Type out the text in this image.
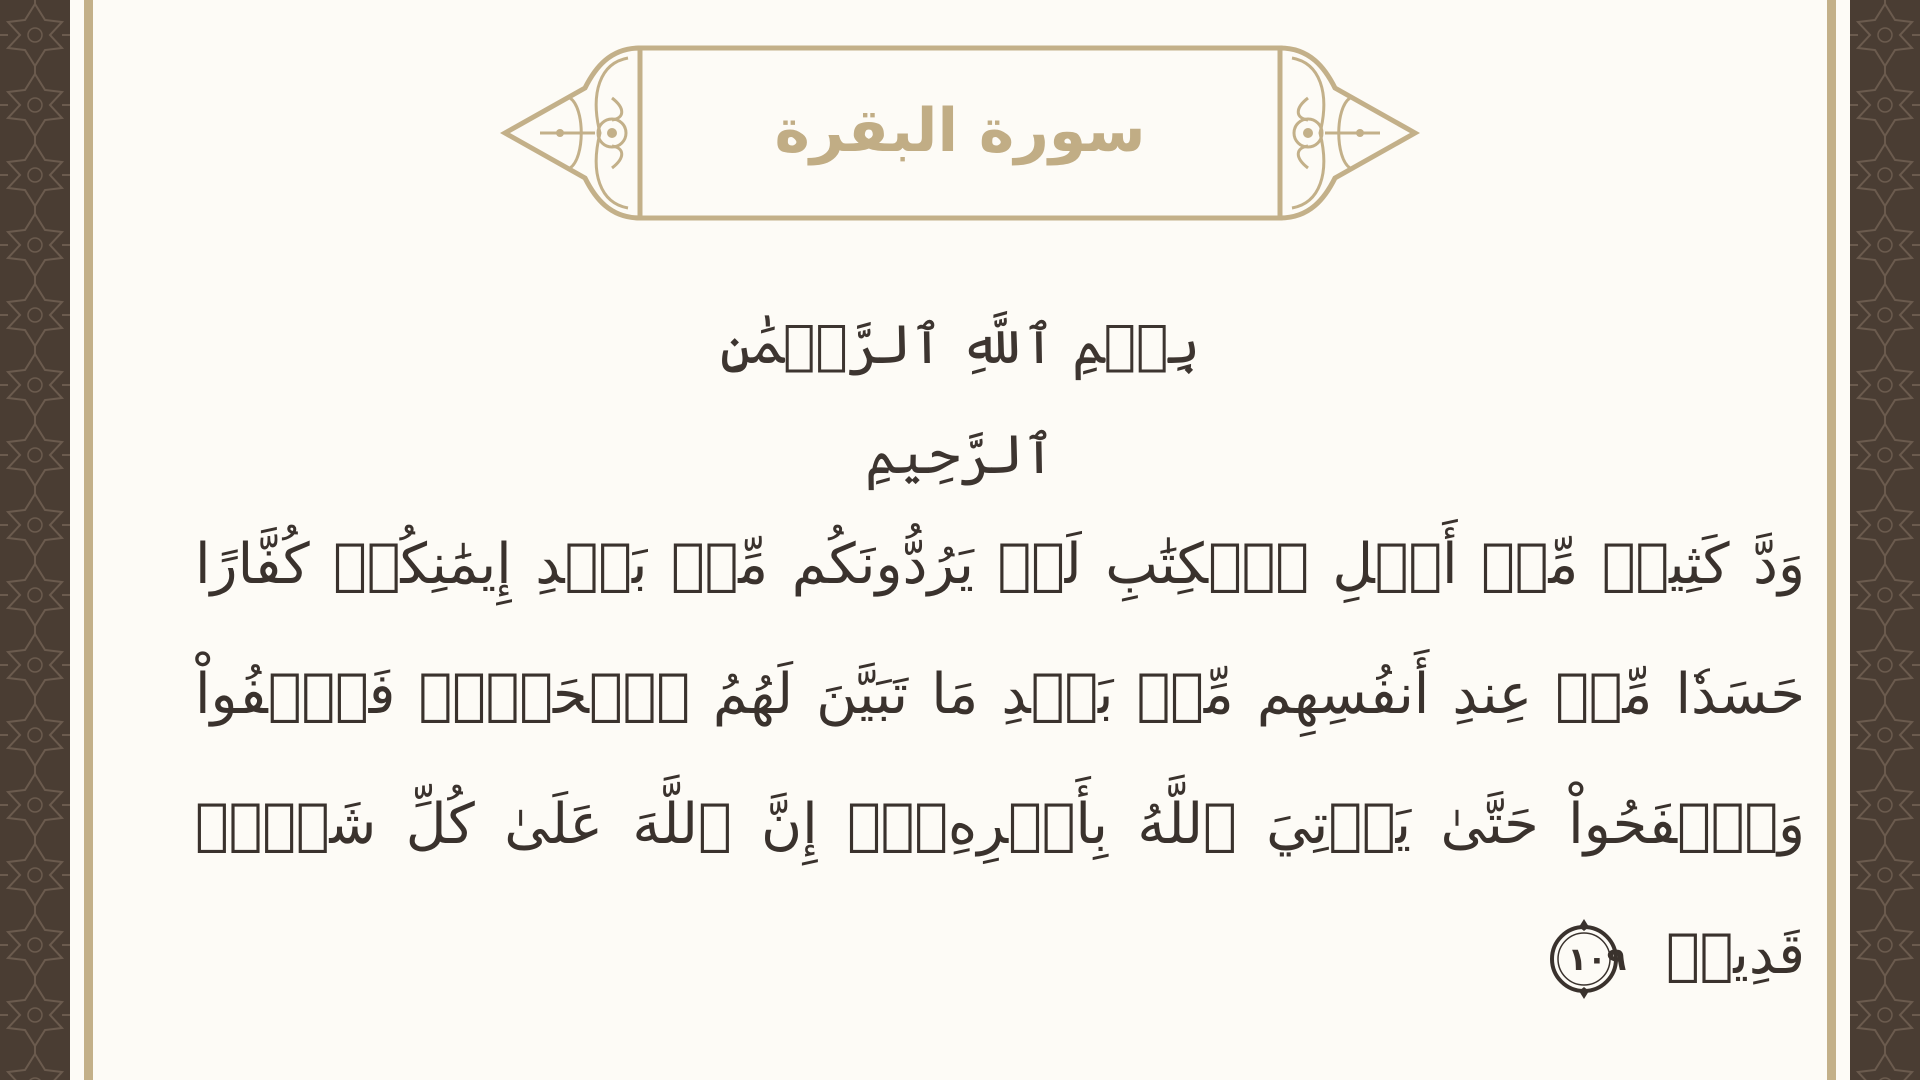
سورة البقرة
بِسۡمِ ٱللَّهِ ٱلرَّحۡمَٰنِ ٱلرَّحِيمِ
وَدَّ كَثِيرٞ مِّنۡ أَهۡلِ ٱلۡكِتَٰبِ لَوۡ يَرُدُّونَكُم مِّنۢ بَعۡدِ إِيمَٰنِكُمۡ كُفَّارًا حَسَدٗا مِّنۡ عِندِ أَنفُسِهِم مِّنۢ بَعۡدِ مَا تَبَيَّنَ لَهُمُ ٱلۡحَقُّۖ فَٱعۡفُواْ وَٱصۡفَحُواْ حَتَّىٰ يَأۡتِيَ ٱللَّهُ بِأَمۡرِهِۦٓۗ إِنَّ ٱللَّهَ عَلَىٰ كُلِّ شَيۡءٖ قَدِيرٞ
١٠٩
